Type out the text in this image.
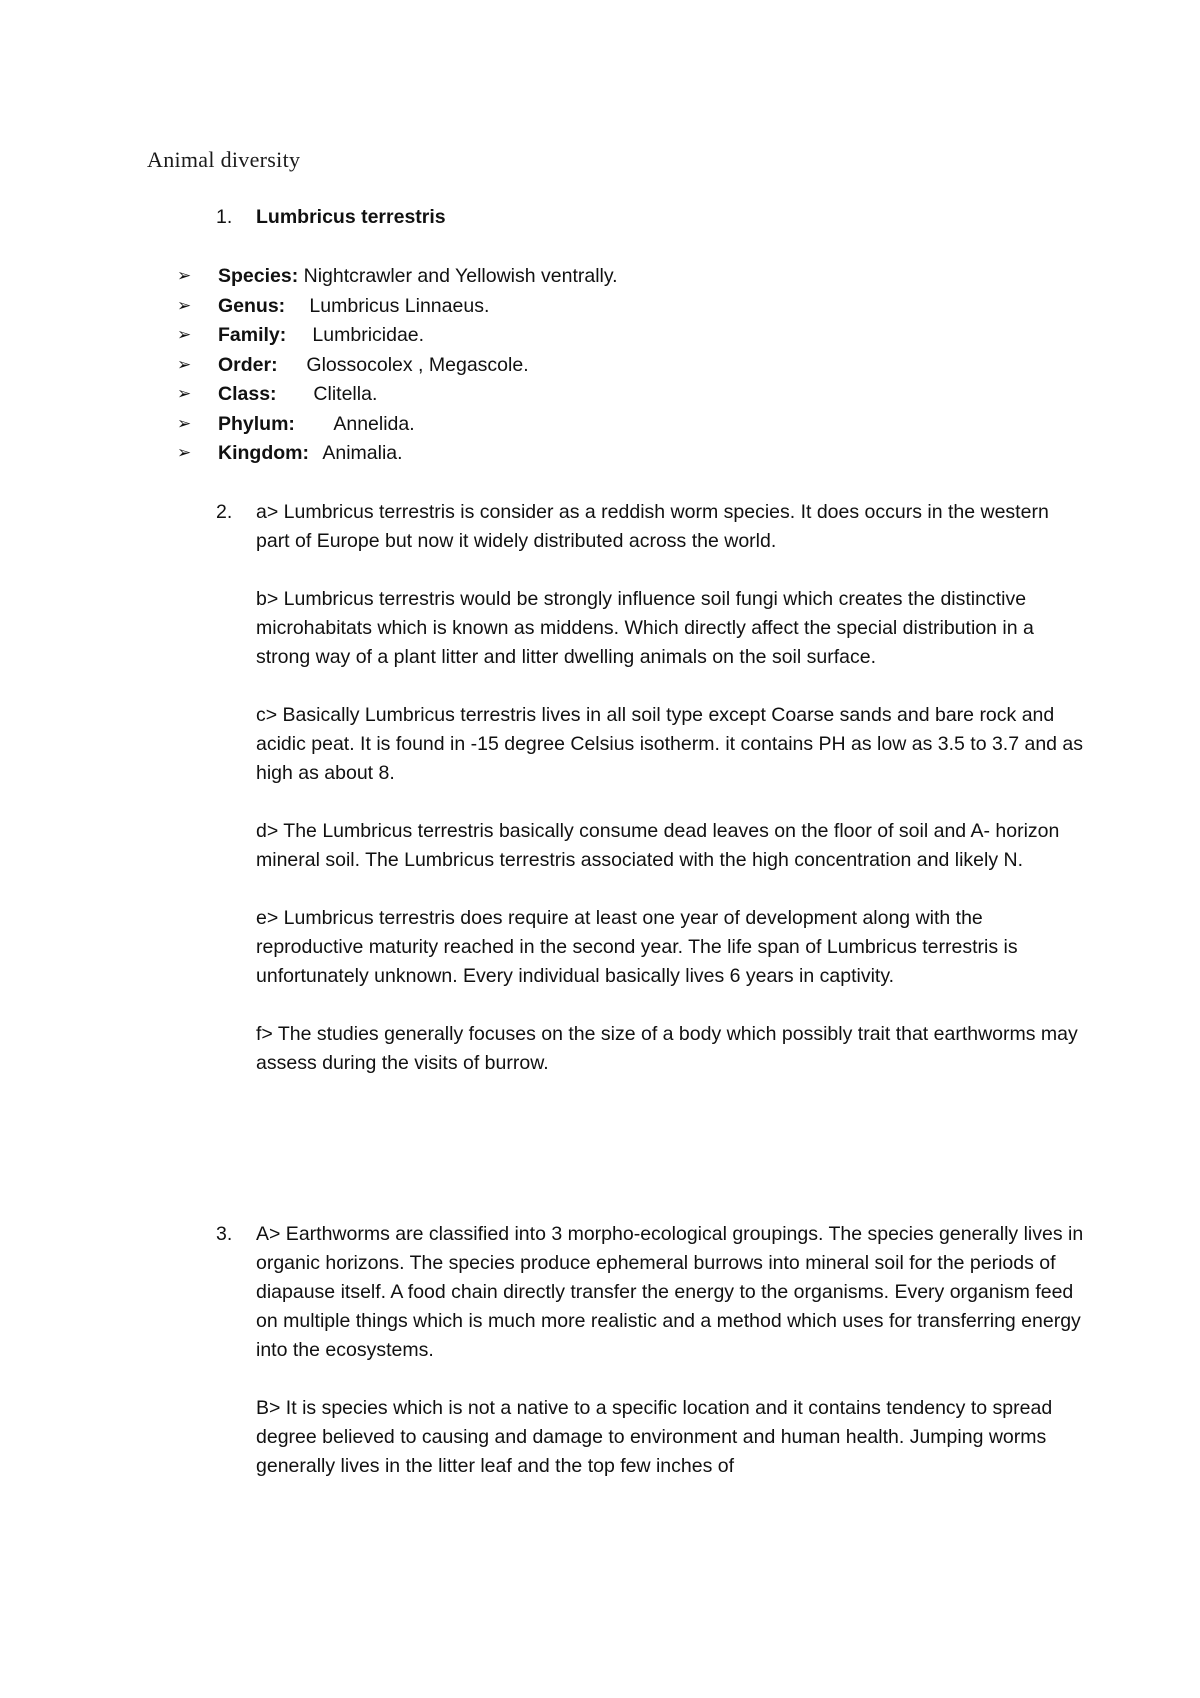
Animal diversity
1.	Lumbricus terrestris
➢ Species: Nightcrawler and Yellowish ventrally.
➢ Genus: Lumbricus Linnaeus.
➢ Family: Lumbricidae.
➢ Order: Glossocolex , Megascole.
➢ Class: Clitella.
➢ Phylum: Annelida.
➢ Kingdom: Animalia.
2.	a> Lumbricus terrestris is consider as a reddish worm species. It does occurs in the western part of Europe but now it widely distributed across the world.

b> Lumbricus terrestris would be strongly influence soil fungi which creates the distinctive microhabitats which is known as middens. Which directly affect the special distribution in a strong way of a plant litter and litter dwelling animals on the soil surface.

c> Basically Lumbricus terrestris lives in all soil type except Coarse sands and bare rock and acidic peat. It is found in -15 degree Celsius isotherm. it contains PH as low as 3.5 to 3.7 and as high as about 8.

d> The Lumbricus terrestris basically consume dead leaves on the floor of soil and A- horizon mineral soil. The Lumbricus terrestris associated with the high concentration and likely N.

e> Lumbricus terrestris does require at least one year of development along with the reproductive maturity reached in the second year. The life span of Lumbricus terrestris is unfortunately unknown. Every individual basically lives 6 years in captivity.

f> The studies generally focuses on the size of a body which possibly trait that earthworms may assess during the visits of burrow.

3.	A> Earthworms are classified into 3 morpho-ecological groupings. The species generally lives in organic horizons. The species produce ephemeral burrows into mineral soil for the periods of diapause itself. A food chain directly transfer the energy to the organisms. Every organism feed on multiple things which is much more realistic and a method which uses for transferring energy into the ecosystems.

B> It is species which is not a native to a specific location and it contains tendency to spread degree believed to causing and damage to environment and human health. Jumping worms generally lives in the litter leaf and the top few inches of
